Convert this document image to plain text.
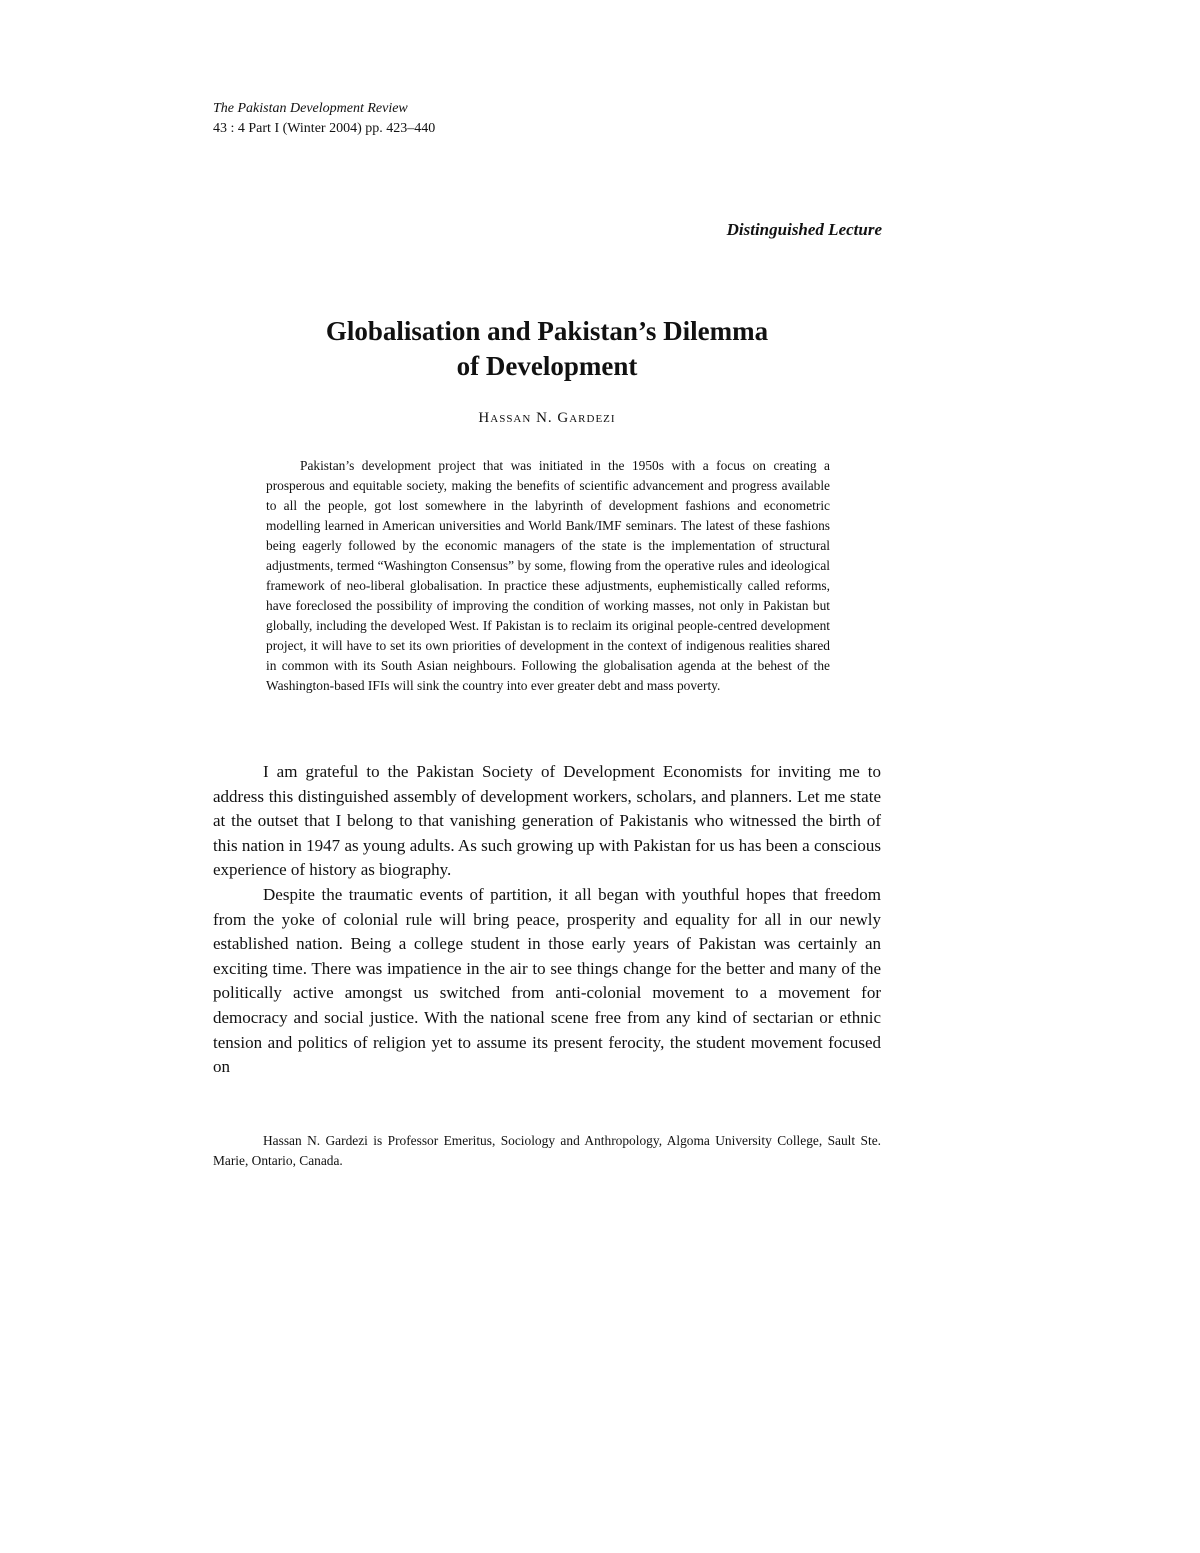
The Pakistan Development Review
43 : 4 Part I (Winter 2004) pp. 423–440
Distinguished Lecture
Globalisation and Pakistan’s Dilemma
of Development
Hassan N. Gardezi

Pakistan’s development project that was initiated in the 1950s with a focus on creating a prosperous and equitable society, making the benefits of scientific advancement and progress available to all the people, got lost somewhere in the labyrinth of development fashions and econometric modelling learned in American universities and World Bank/IMF seminars. The latest of these fashions being eagerly followed by the economic managers of the state is the implementation of structural adjustments, termed “Washington Consensus” by some, flowing from the operative rules and ideological framework of neo-liberal globalisation. In practice these adjustments, euphemistically called reforms, have foreclosed the possibility of improving the condition of working masses, not only in Pakistan but globally, including the developed West. If Pakistan is to reclaim its original people-centred development project, it will have to set its own priorities of development in the context of indigenous realities shared in common with its South Asian neighbours. Following the globalisation agenda at the behest of the Washington-based IFIs will sink the country into ever greater debt and mass poverty.

I am grateful to the Pakistan Society of Development Economists for inviting me to address this distinguished assembly of development workers, scholars, and planners. Let me state at the outset that I belong to that vanishing generation of Pakistanis who witnessed the birth of this nation in 1947 as young adults. As such growing up with Pakistan for us has been a conscious experience of history as biography.

Despite the traumatic events of partition, it all began with youthful hopes that freedom from the yoke of colonial rule will bring peace, prosperity and equality for all in our newly established nation. Being a college student in those early years of Pakistan was certainly an exciting time. There was impatience in the air to see things change for the better and many of the politically active amongst us switched from anti-colonial movement to a movement for democracy and social justice. With the national scene free from any kind of sectarian or ethnic tension and politics of religion yet to assume its present ferocity, the student movement focused on

Hassan N. Gardezi is Professor Emeritus, Sociology and Anthropology, Algoma University College, Sault Ste. Marie, Ontario, Canada.
